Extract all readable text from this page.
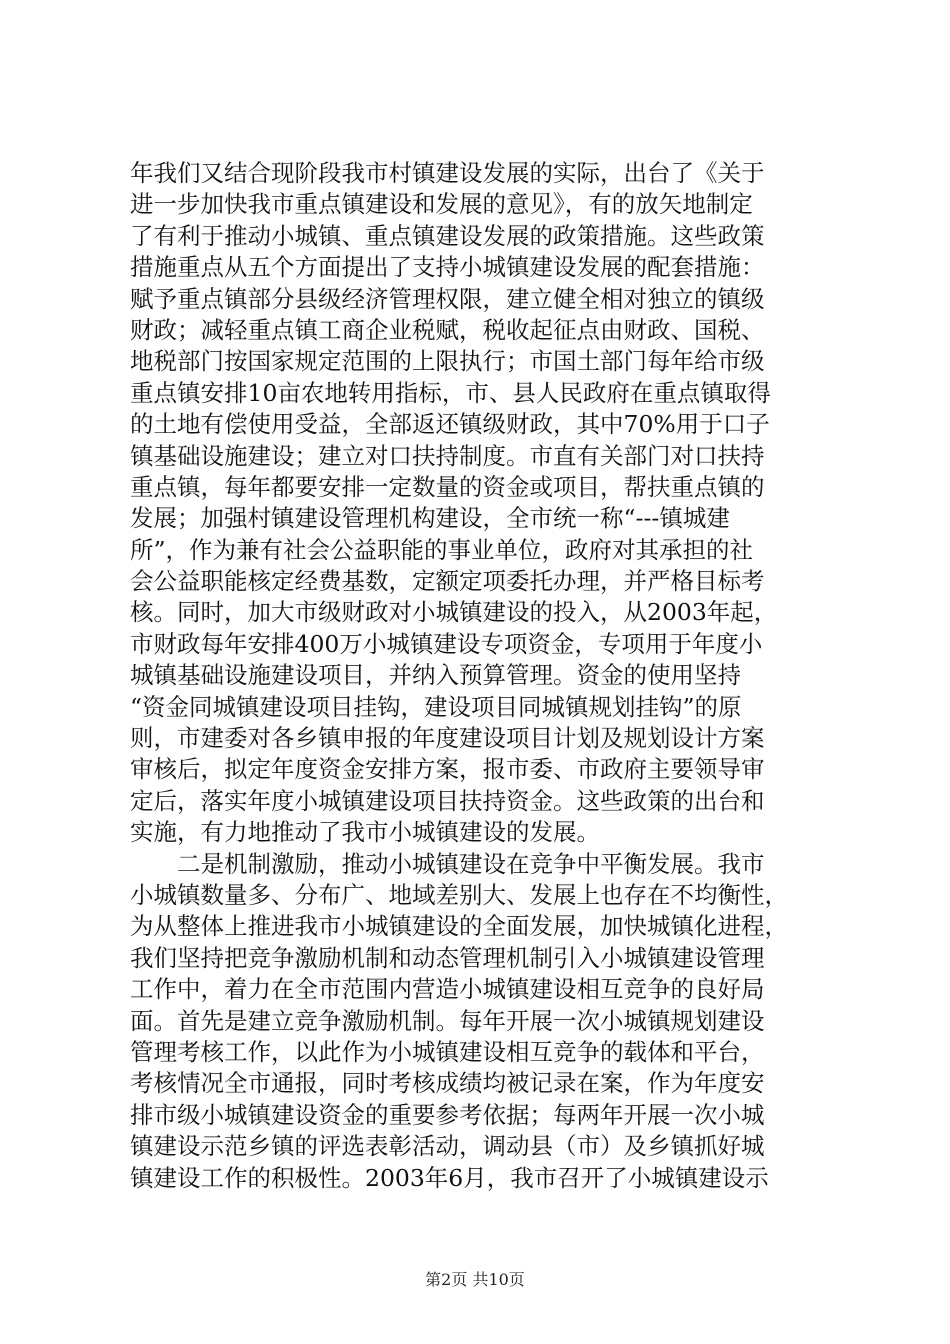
年我们又结合现阶段我市村镇建设发展的实际，出台了《关于
进一步加快我市重点镇建设和发展的意见》，有的放矢地制定
了有利于推动小城镇、重点镇建设发展的政策措施。这些政策
措施重点从五个方面提出了支持小城镇建设发展的配套措施：
赋予重点镇部分县级经济管理权限，建立健全相对独立的镇级
财政；减轻重点镇工商企业税赋，税收起征点由财政、国税、
地税部门按国家规定范围的上限执行；市国土部门每年给市级
重点镇安排10亩农地转用指标，市、县人民政府在重点镇取得
的土地有偿使用受益，全部返还镇级财政，其中70%用于口子
镇基础设施建设；建立对口扶持制度。市直有关部门对口扶持
重点镇，每年都要安排一定数量的资金或项目，帮扶重点镇的
发展；加强村镇建设管理机构建设，全市统一称“---镇城建
所”，作为兼有社会公益职能的事业单位，政府对其承担的社
会公益职能核定经费基数，定额定项委托办理，并严格目标考
核。同时，加大市级财政对小城镇建设的投入，从2003年起，
市财政每年安排400万小城镇建设专项资金，专项用于年度小
城镇基础设施建设项目，并纳入预算管理。资金的使用坚持
“资金同城镇建设项目挂钩，建设项目同城镇规划挂钩”的原
则，市建委对各乡镇申报的年度建设项目计划及规划设计方案
审核后，拟定年度资金安排方案，报市委、市政府主要领导审
定后，落实年度小城镇建设项目扶持资金。这些政策的出台和
实施，有力地推动了我市小城镇建设的发展。
二是机制激励，推动小城镇建设在竞争中平衡发展。我市
小城镇数量多、分布广、地域差别大、发展上也存在不均衡性，
为从整体上推进我市小城镇建设的全面发展，加快城镇化进程，
我们坚持把竞争激励机制和动态管理机制引入小城镇建设管理
工作中，着力在全市范围内营造小城镇建设相互竞争的良好局
面。首先是建立竞争激励机制。每年开展一次小城镇规划建设
管理考核工作，以此作为小城镇建设相互竞争的载体和平台，
考核情况全市通报，同时考核成绩均被记录在案，作为年度安
排市级小城镇建设资金的重要参考依据；每两年开展一次小城
镇建设示范乡镇的评选表彰活动，调动县（市）及乡镇抓好城
镇建设工作的积极性。2003年6月，我市召开了小城镇建设示
第2页 共10页
